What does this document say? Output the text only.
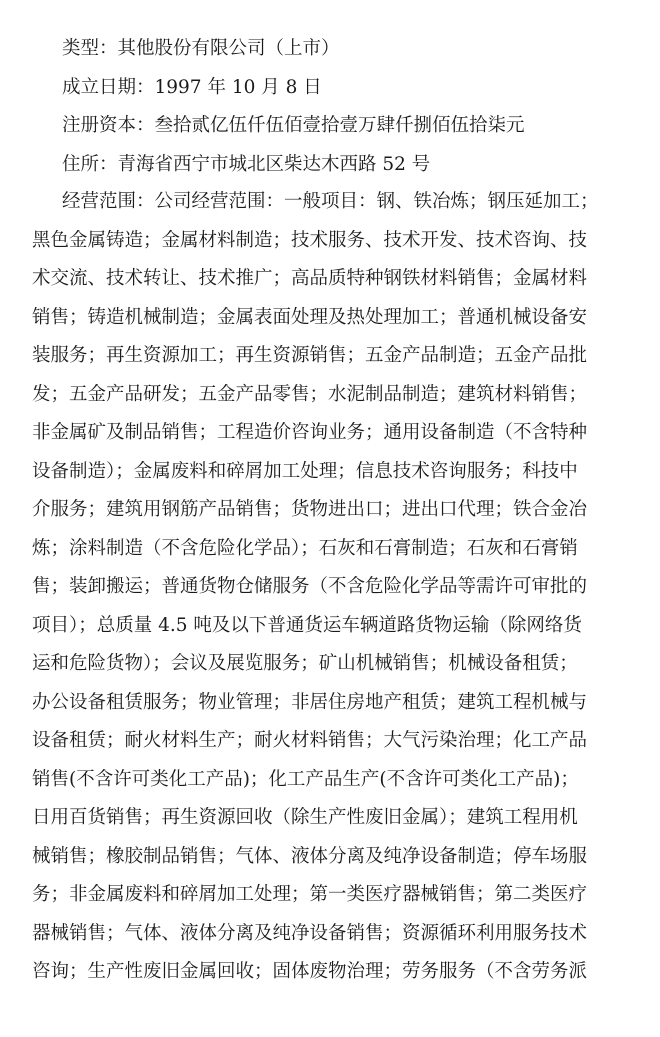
类型：其他股份有限公司（上市）
成立日期：1997 年 10 月 8 日
注册资本：叁拾贰亿伍仟伍佰壹拾壹万肆仟捌佰伍拾柒元
住所：青海省西宁市城北区柴达木西路 52 号
经营范围：公司经营范围：一般项目：钢、铁冶炼；钢压延加工；
黑色金属铸造；金属材料制造；技术服务、技术开发、技术咨询、技
术交流、技术转让、技术推广；高品质特种钢铁材料销售；金属材料
销售；铸造机械制造；金属表面处理及热处理加工；普通机械设备安
装服务；再生资源加工；再生资源销售；五金产品制造；五金产品批
发；五金产品研发；五金产品零售；水泥制品制造；建筑材料销售；
非金属矿及制品销售；工程造价咨询业务；通用设备制造（不含特种
设备制造）；金属废料和碎屑加工处理；信息技术咨询服务；科技中
介服务；建筑用钢筋产品销售；货物进出口；进出口代理；铁合金冶
炼；涂料制造（不含危险化学品）；石灰和石膏制造；石灰和石膏销
售；装卸搬运；普通货物仓储服务（不含危险化学品等需许可审批的
项目）；总质量 4.5 吨及以下普通货运车辆道路货物运输（除网络货
运和危险货物）；会议及展览服务；矿山机械销售；机械设备租赁；
办公设备租赁服务；物业管理；非居住房地产租赁；建筑工程机械与
设备租赁；耐火材料生产；耐火材料销售；大气污染治理；化工产品
销售(不含许可类化工产品)；化工产品生产(不含许可类化工产品)；
日用百货销售；再生资源回收（除生产性废旧金属）；建筑工程用机
械销售；橡胶制品销售；气体、液体分离及纯净设备制造；停车场服
务；非金属废料和碎屑加工处理；第一类医疗器械销售；第二类医疗
器械销售；气体、液体分离及纯净设备销售；资源循环利用服务技术
咨询；生产性废旧金属回收；固体废物治理；劳务服务（不含劳务派
